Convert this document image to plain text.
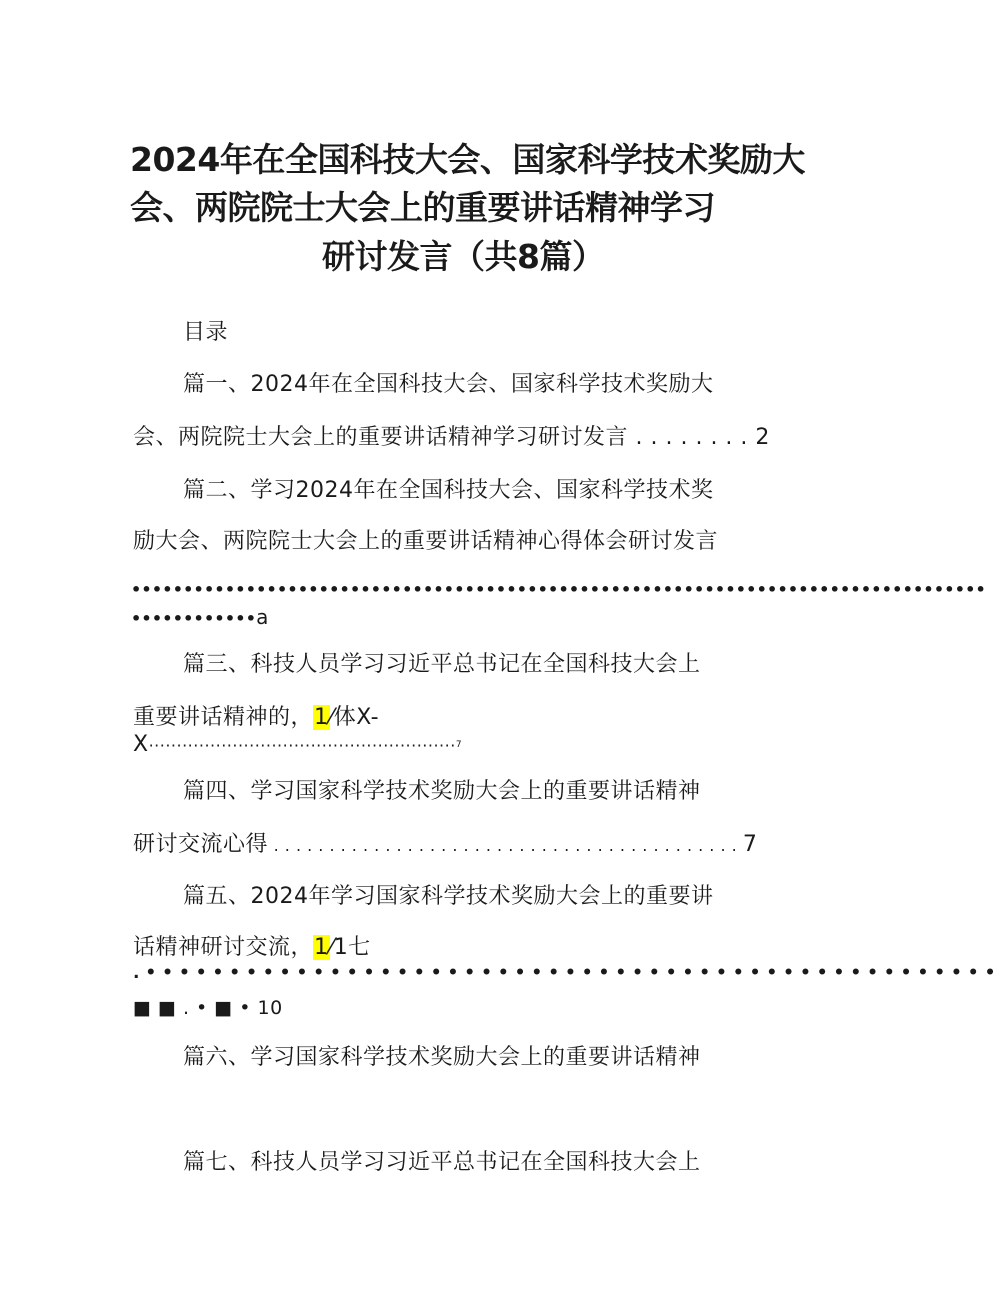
2024年在全国科技大会、国家科学技术奖励大
会、两院院士大会上的重要讲话精神学习
研讨发言（共8篇）
目录
篇一、2024年在全国科技大会、国家科学技术奖励大
会、两院院士大会上的重要讲话精神学习研讨发言 . . . . . . . . 2
篇二、学习2024年在全国科技大会、国家科学技术奖
励大会、两院院士大会上的重要讲话精神心得体会研讨发言
••••••••••••••••••••••••••••••••••••••••••••••••••••••••••••••••••••••••••••••••••
••••••••••••a
篇三、科技人员学习习近平总书记在全国科技大会上
重要讲话精神的，1⁄体X-
X·······················································7
篇四、学习国家科学技术奖励大会上的重要讲话精神
研讨交流心得 . . . . . . . . . . . . . . . . . . . . . . . . . . . . . . . . . . . . . . . . . . 7
篇五、2024年学习国家科学技术奖励大会上的重要讲
话精神研讨交流，1⁄1七
. • • • • • • • • • • • • • • • • • • • • • • • • • • • • • • • • • • • • • • • • • • • • • • • • • • •
■ ■ . • ■ • 10
篇六、学习国家科学技术奖励大会上的重要讲话精神
篇七、科技人员学习习近平总书记在全国科技大会上
